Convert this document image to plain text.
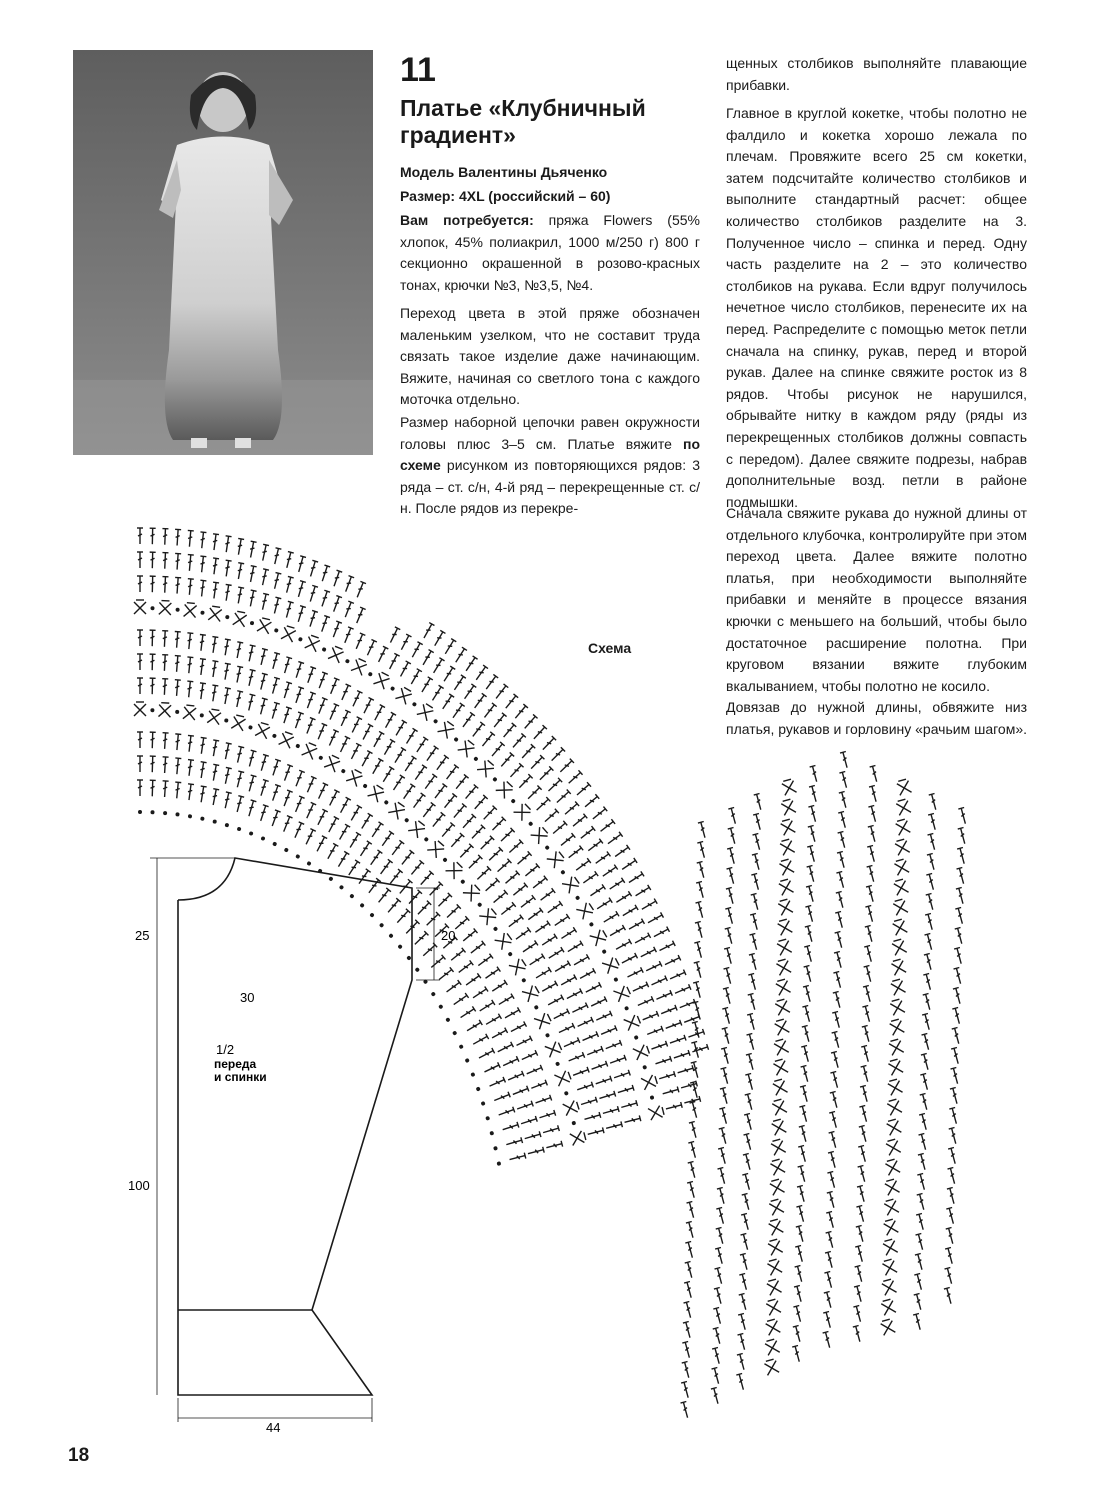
11
Платье «Клубничный градиент»
Модель Валентины Дьяченко
Размер: 4XL (российский – 60)

Вам потребуется: пряжа Flowers (55% хлопок, 45% полиакрил, 1000 м/250 г) 800 г секционно окрашенной в розово-красных тонах, крючки №3, №3,5, №4.

Переход цвета в этой пряже обозначен маленьким узелком, что не составит труда связать такое изделие даже начинающим. Вяжите, начиная со светлого тона с каждого моточка отдельно.

Размер наборной цепочки равен окружности головы плюс 3–5 см. Платье вяжите по схеме рисунком из повторяющихся рядов: 3 ряда – ст. с/н, 4-й ряд – перекрещенные ст. с/н. После рядов из перекре-

щенных столбиков выполняйте плавающие прибавки.

Главное в круглой кокетке, чтобы полотно не фалдило и кокетка хорошо лежала по плечам. Провяжите всего 25 см кокетки, затем подсчитайте количество столбиков и выполните стандартный расчет: общее количество столбиков разделите на 3. Полученное число – спинка и перед. Одну часть разделите на 2 – это количество столбиков на рукава. Если вдруг получилось нечетное число столбиков, перенесите их на перед. Распределите с помощью меток петли сначала на спинку, рукав, перед и второй рукав. Далее на спинке свяжите росток из 8 рядов. Чтобы рисунок не нарушился, обрывайте нитку в каждом ряду (ряды из перекрещенных столбиков должны совпасть с передом). Далее свяжите подрезы, набрав дополнительные возд. петли в районе подмышки.

Сначала свяжите рукава до нужной длины от отдельного клубочка, контролируйте при этом переход цвета. Далее вяжите полотно платья, при необходимости выполняйте прибавки и меняйте в процессе вязания крючки с меньшего на больший, чтобы было достаточное расширение полотна. При круговом вязании вяжите глубоким вкалыванием, чтобы полотно не косило.

Довязав до нужной длины, обвяжите низ платья, рукавов и горловину «рачьим шагом».

Схема
25	20
30
100
44
1/2
переда
и спинки
18
